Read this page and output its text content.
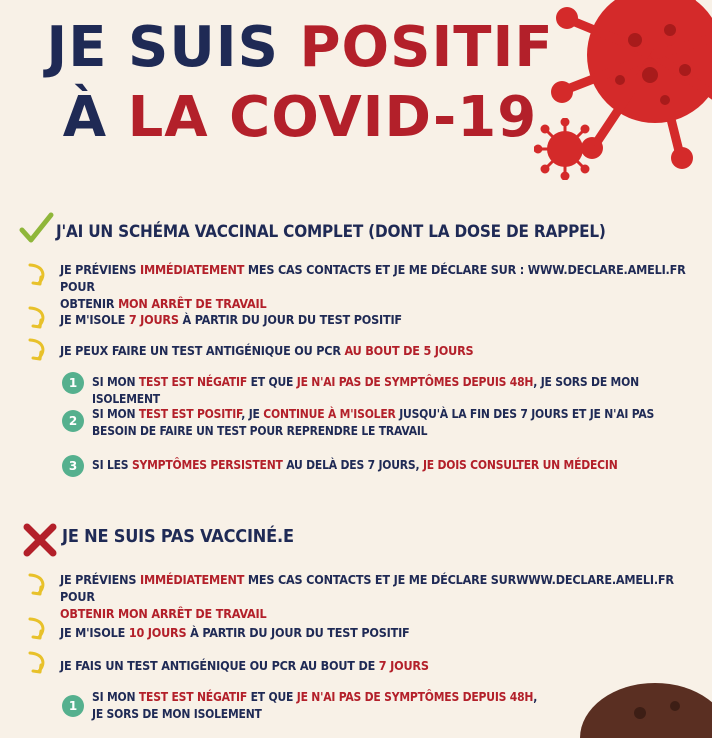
JE SUIS POSITIF
À LA COVID-19
J'AI UN SCHÉMA VACCINAL COMPLET (DONT LA DOSE DE RAPPEL)
JE PRÉVIENS IMMÉDIATEMENT MES CAS CONTACTS ET JE ME DÉCLARE SUR : WWW.DECLARE.AMELI.FR POUR
OBTENIR MON ARRÊT DE TRAVAIL
JE M'ISOLE 7 JOURS À PARTIR DU JOUR DU TEST POSITIF
JE PEUX FAIRE UN TEST ANTIGÉNIQUE OU PCR AU BOUT DE 5 JOURS
1	SI MON TEST EST NÉGATIF ET QUE JE N'AI PAS DE SYMPTÔMES DEPUIS 48H, JE SORS DE MON ISOLEMENT
2	SI MON TEST EST POSITIF, JE CONTINUE À M'ISOLER JUSQU'À LA FIN DES 7 JOURS ET JE N'AI PAS
BESOIN DE FAIRE UN TEST POUR REPRENDRE LE TRAVAIL
3	SI LES SYMPTÔMES PERSISTENT AU DELÀ DES 7 JOURS, JE DOIS CONSULTER UN MÉDECIN
JE NE SUIS PAS VACCINÉ.E
JE PRÉVIENS IMMÉDIATEMENT MES CAS CONTACTS ET JE ME DÉCLARE SURWWW.DECLARE.AMELI.FR POUR
OBTENIR MON ARRÊT DE TRAVAIL
JE M'ISOLE 10 JOURS À PARTIR DU JOUR DU TEST POSITIF
JE FAIS UN TEST ANTIGÉNIQUE OU PCR AU BOUT DE 7 JOURS
1
SI MON TEST EST NÉGATIF ET QUE JE N'AI PAS DE SYMPTÔMES DEPUIS 48H,
JE SORS DE MON ISOLEMENT
